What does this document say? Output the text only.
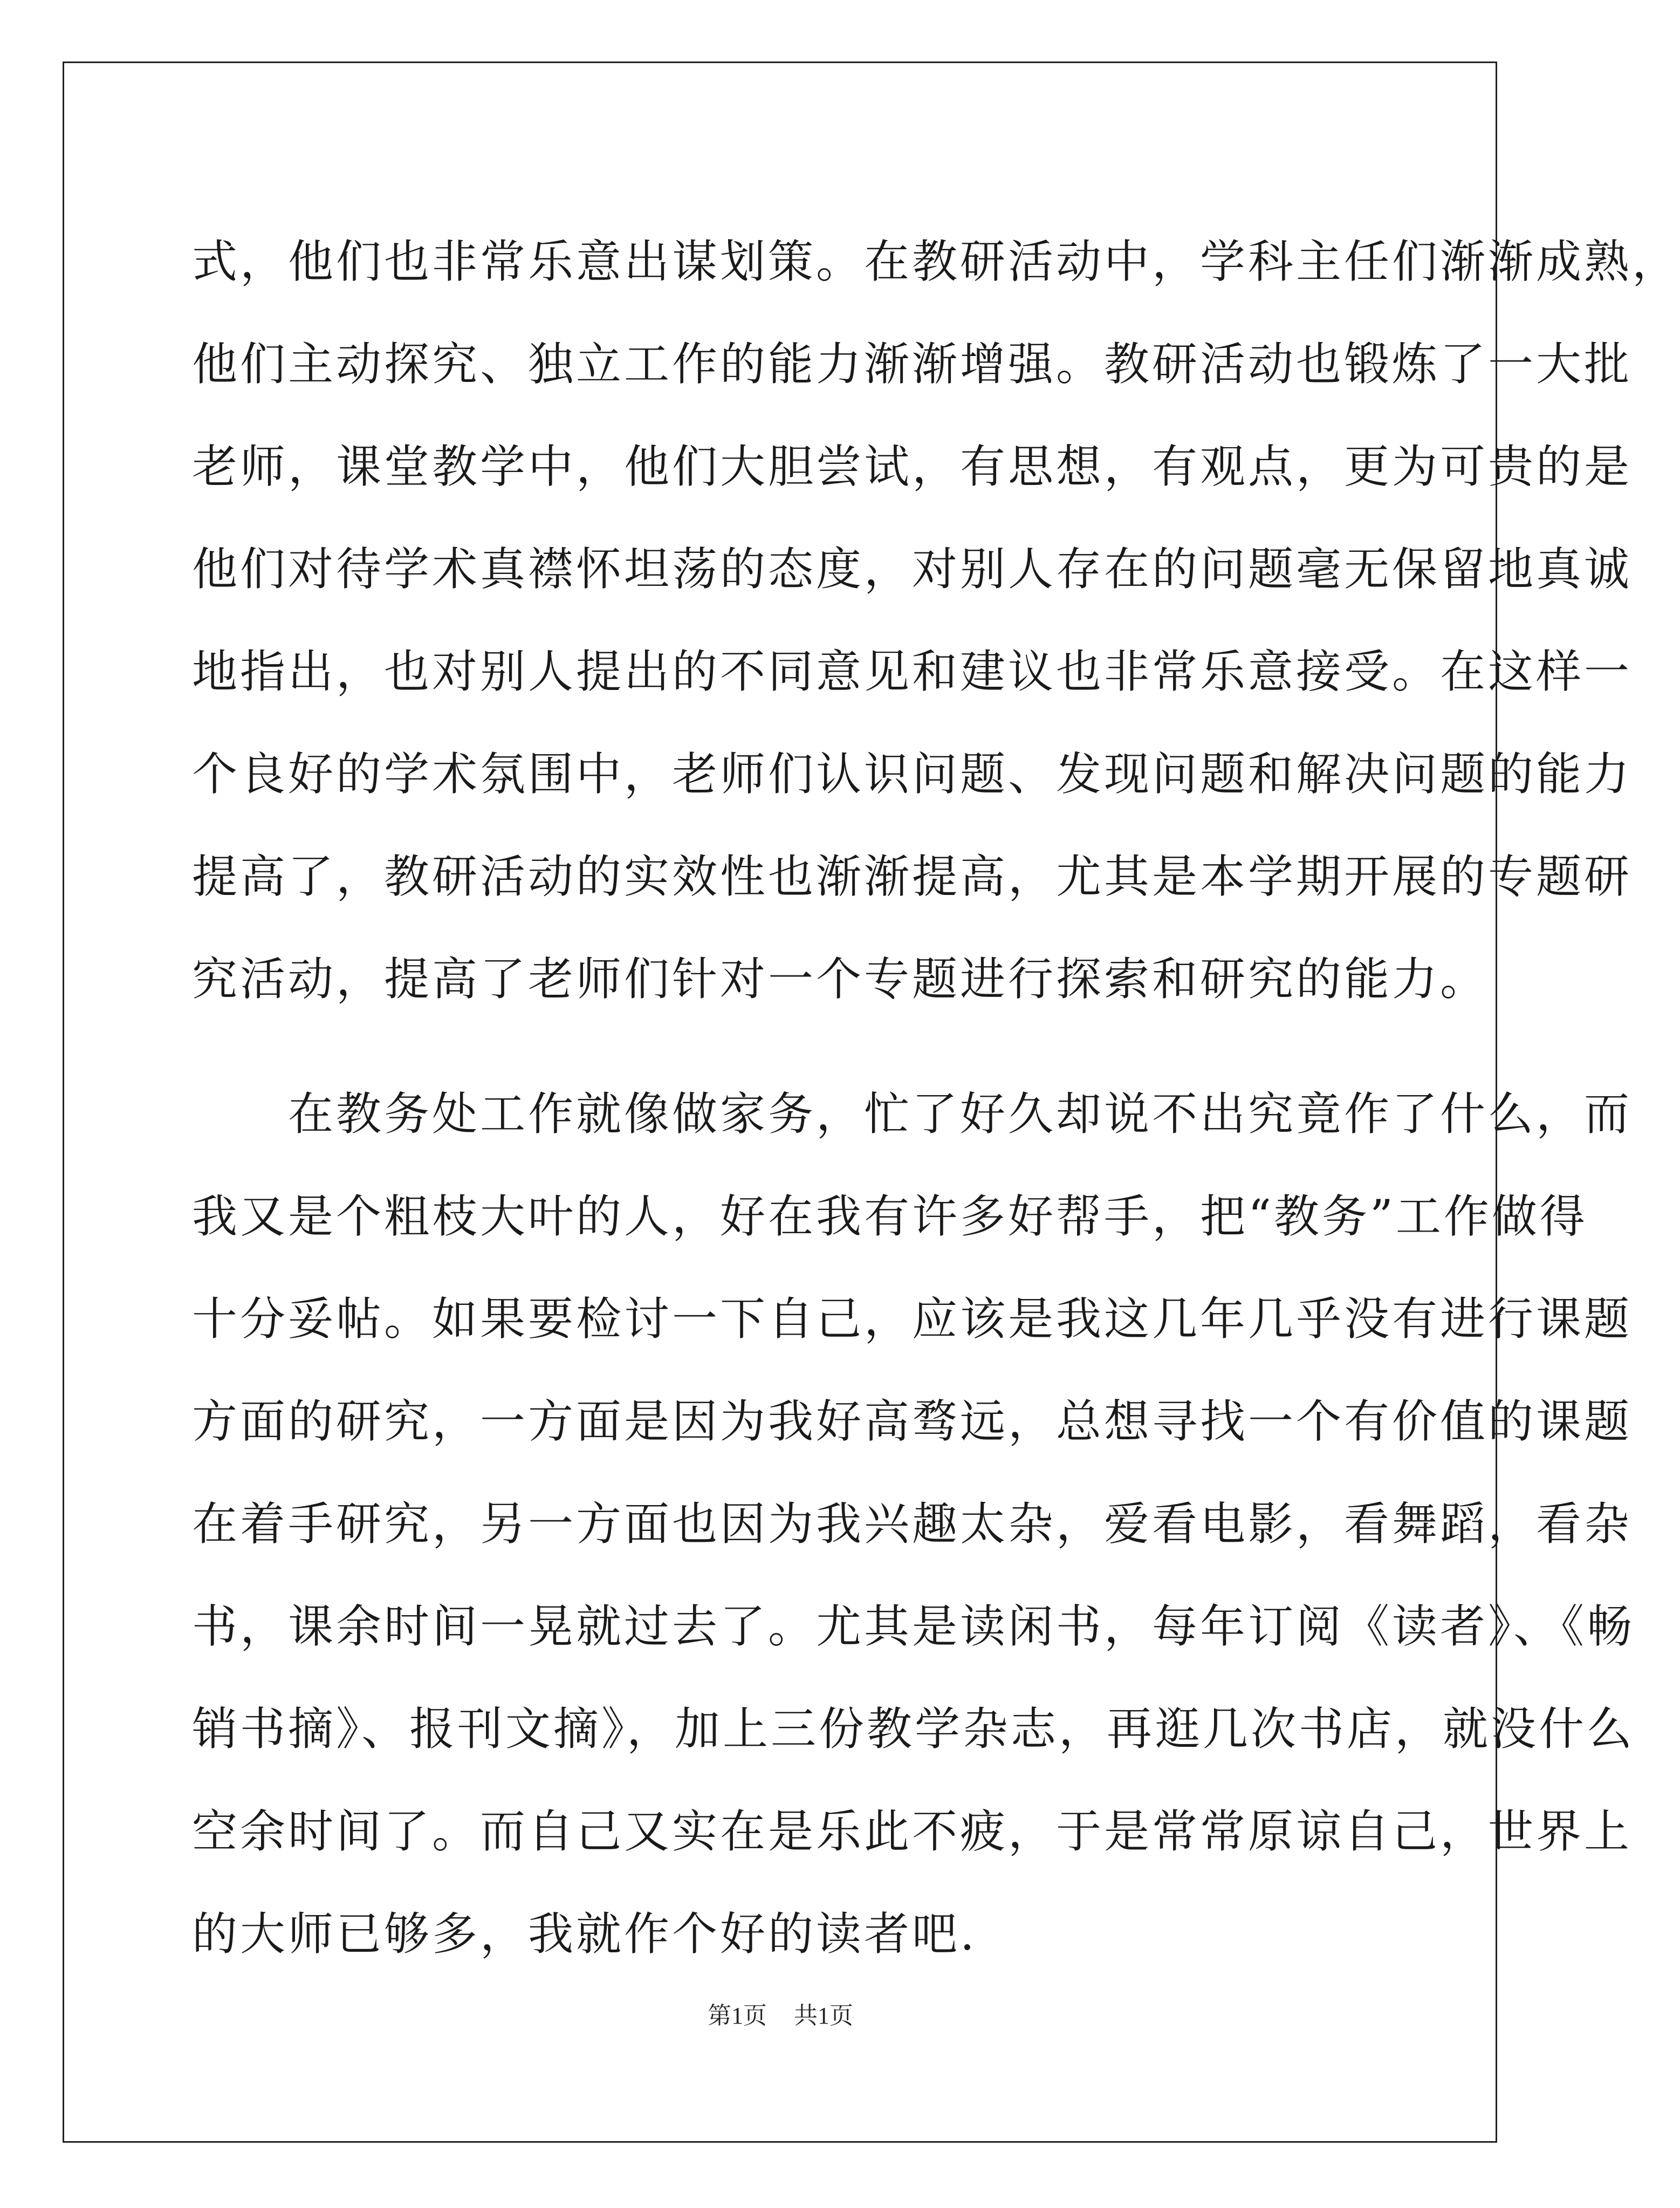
式，他们也非常乐意出谋划策。在教研活动中，学科主任们渐渐成熟，
他们主动探究、独立工作的能力渐渐增强。教研活动也锻炼了一大批
老师，课堂教学中，他们大胆尝试，有思想，有观点，更为可贵的是
他们对待学术真襟怀坦荡的态度，对别人存在的问题毫无保留地真诚
地指出，也对别人提出的不同意见和建议也非常乐意接受。在这样一
个良好的学术氛围中，老师们认识问题、发现问题和解决问题的能力
提高了，教研活动的实效性也渐渐提高，尤其是本学期开展的专题研
究活动，提高了老师们针对一个专题进行探索和研究的能力。
　　在教务处工作就像做家务，忙了好久却说不出究竟作了什么，而
我又是个粗枝大叶的人，好在我有许多好帮手，把“教务”工作做得
十分妥帖。如果要检讨一下自己，应该是我这几年几乎没有进行课题
方面的研究，一方面是因为我好高骛远，总想寻找一个有价值的课题
在着手研究，另一方面也因为我兴趣太杂，爱看电影，看舞蹈，看杂
书，课余时间一晃就过去了。尤其是读闲书，每年订阅《读者》、《畅
销书摘》、报刊文摘》，加上三份教学杂志，再逛几次书店，就没什么
空余时间了。而自己又实在是乐此不疲，于是常常原谅自己，世界上
的大师已够多，我就作个好的读者吧.
第1页 共1页
